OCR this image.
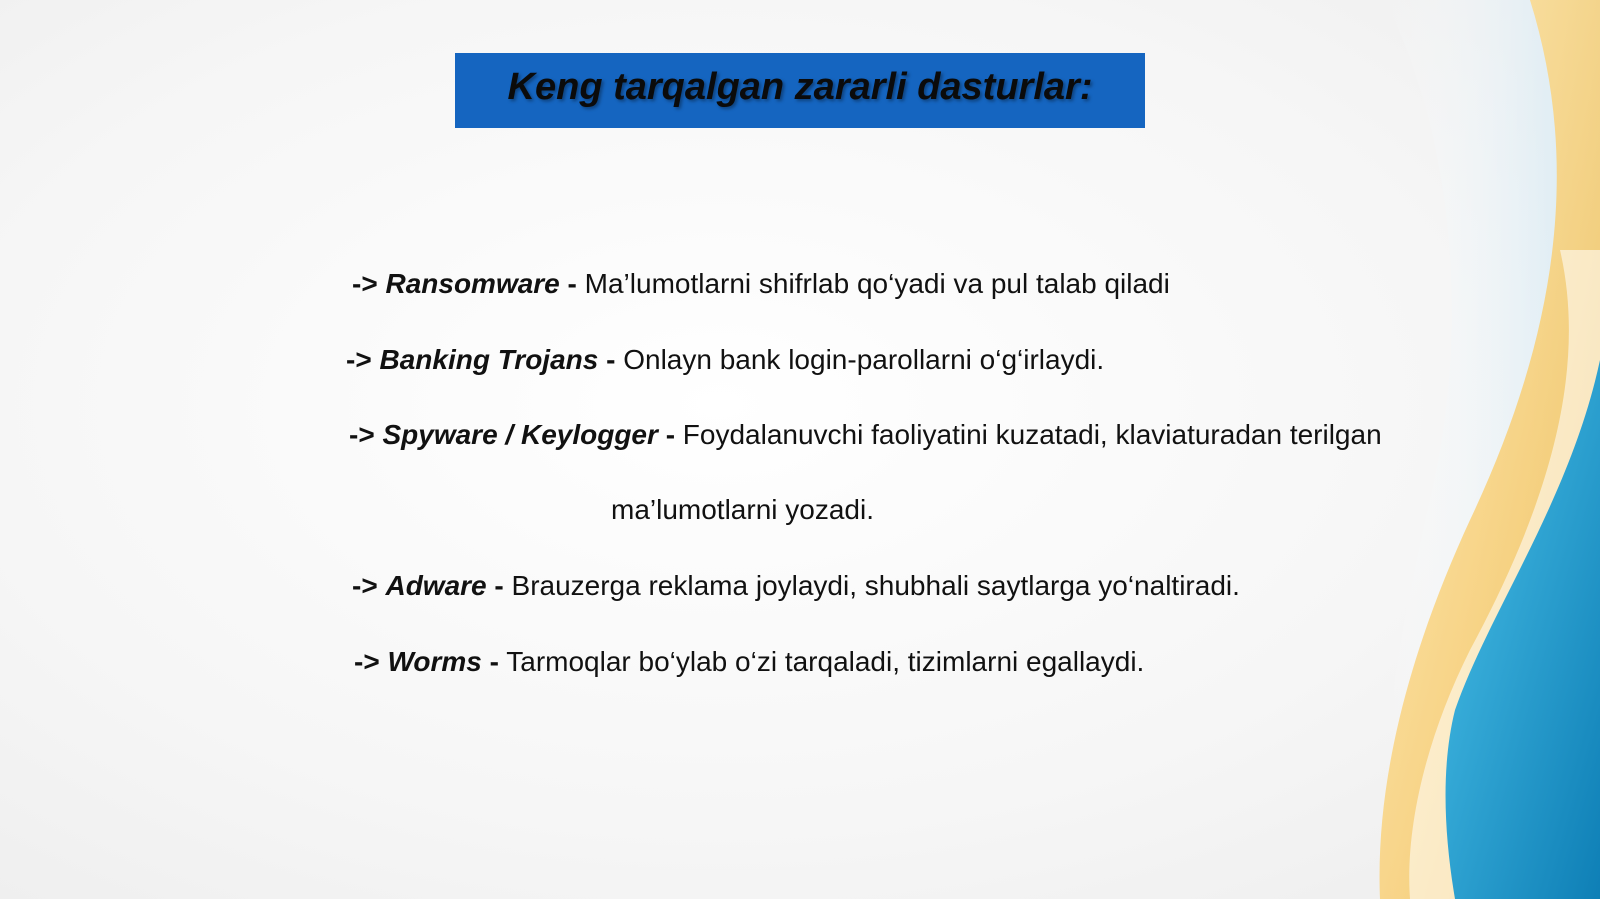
Keng tarqalgan zararli dasturlar:
-> Ransomware - Ma’lumotlarni shifrlab qo‘yadi va pul talab qiladi
-> Banking Trojans - Onlayn bank login-parollarni o‘g‘irlaydi.
-> Spyware / Keylogger - Foydalanuvchi faoliyatini kuzatadi, klaviaturadan terilgan
ma’lumotlarni yozadi.
-> Adware - Brauzerga reklama joylaydi, shubhali saytlarga yo‘naltiradi.
-> Worms - Tarmoqlar bo‘ylab o‘zi tarqaladi, tizimlarni egallaydi.
